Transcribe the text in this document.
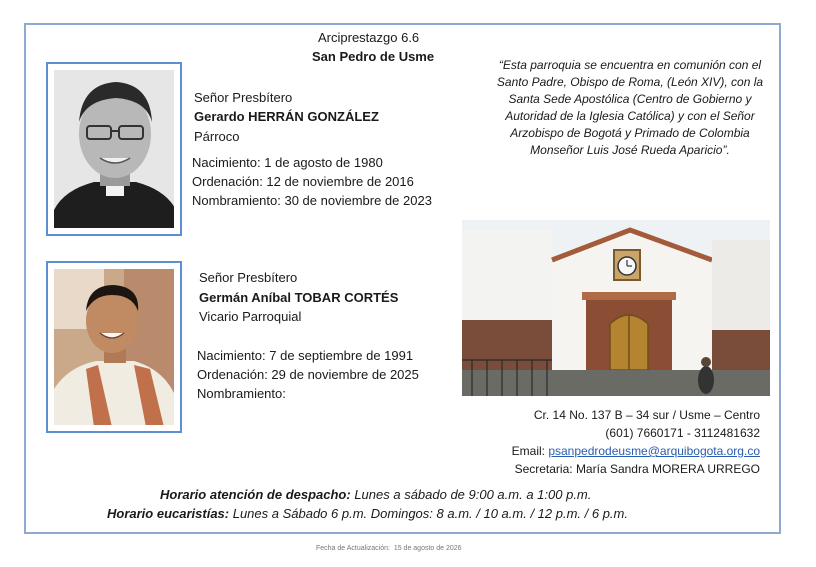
Arciprestazgo 6.6
San Pedro de Usme
Señor Presbítero
Gerardo HERRÁN GONZÁLEZ
Párroco
Nacimiento: 1 de agosto de 1980
Ordenación: 12 de noviembre de 2016
Nombramiento: 30 de noviembre de 2023
“Esta parroquia se encuentra en comunión con el Santo Padre, Obispo de Roma, (León XIV), con la Santa Sede Apostólica (Centro de Gobierno y Autoridad de la Iglesia Católica) y con el Señor Arzobispo de Bogotá y Primado de Colombia Monseñor Luis José Rueda Aparicio”.
Señor Presbítero
Germán Aníbal TOBAR CORTÉS
Vicario Parroquial
Nacimiento: 7 de septiembre de 1991
Ordenación: 29 de noviembre de 2025
Nombramiento:
Cr. 14 No. 137 B – 34 sur / Usme – Centro
(601) 7660171 - 3112481632
Email: psanpedrodeusme@arquibogota.org.co
Secretaria: María Sandra MORERA URREGO
Horario atención de despacho: Lunes a sábado de 9:00 a.m. a 1:00 p.m.
Horario eucaristías: Lunes a Sábado 6 p.m. Domingos: 8 a.m. / 10 a.m. / 12 p.m. / 6 p.m.
Fecha de Actualización: 15 de agosto de 2026
